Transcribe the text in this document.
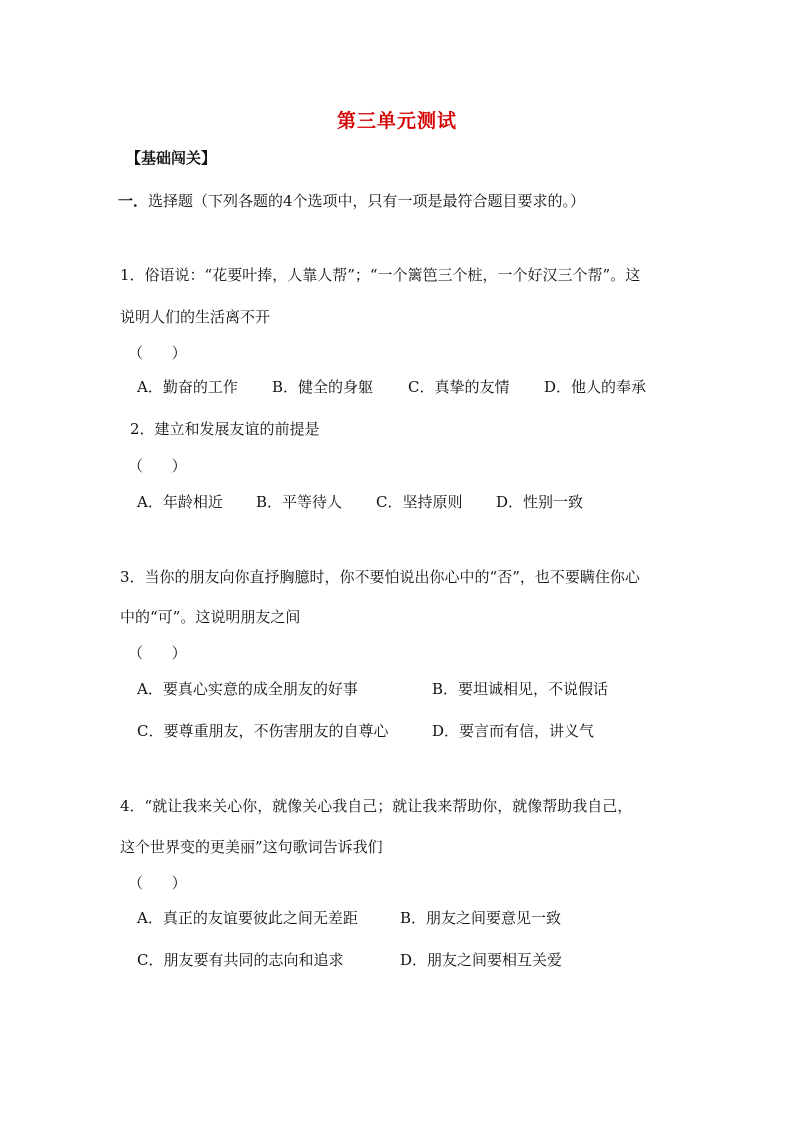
第三单元测试
【基础闯关】
一．选择题（下列各题的4个选项中，只有一项是最符合题目要求的。）
1．俗语说：“花要叶捧，人靠人帮”；“一个篱笆三个桩，一个好汉三个帮”。这
说明人们的生活离不开
（      ）
A．勤奋的工作 B．健全的身躯 C．真挚的友情 D．他人的奉承
2．建立和发展友谊的前提是
（      ）
A．年龄相近 B．平等待人 C．坚持原则 D．性别一致
3．当你的朋友向你直抒胸臆时，你不要怕说出你心中的“否”，也不要瞒住你心
中的“可”。这说明朋友之间
（      ）
A．要真心实意的成全朋友的好事	B．要坦诚相见，不说假话
C．要尊重朋友，不伤害朋友的自尊心	D．要言而有信，讲义气
4．“就让我来关心你，就像关心我自己；就让我来帮助你，就像帮助我自己，
这个世界变的更美丽”这句歌词告诉我们
（      ）
A．真正的友谊要彼此之间无差距	B．朋友之间要意见一致
C．朋友要有共同的志向和追求	D．朋友之间要相互关爱
